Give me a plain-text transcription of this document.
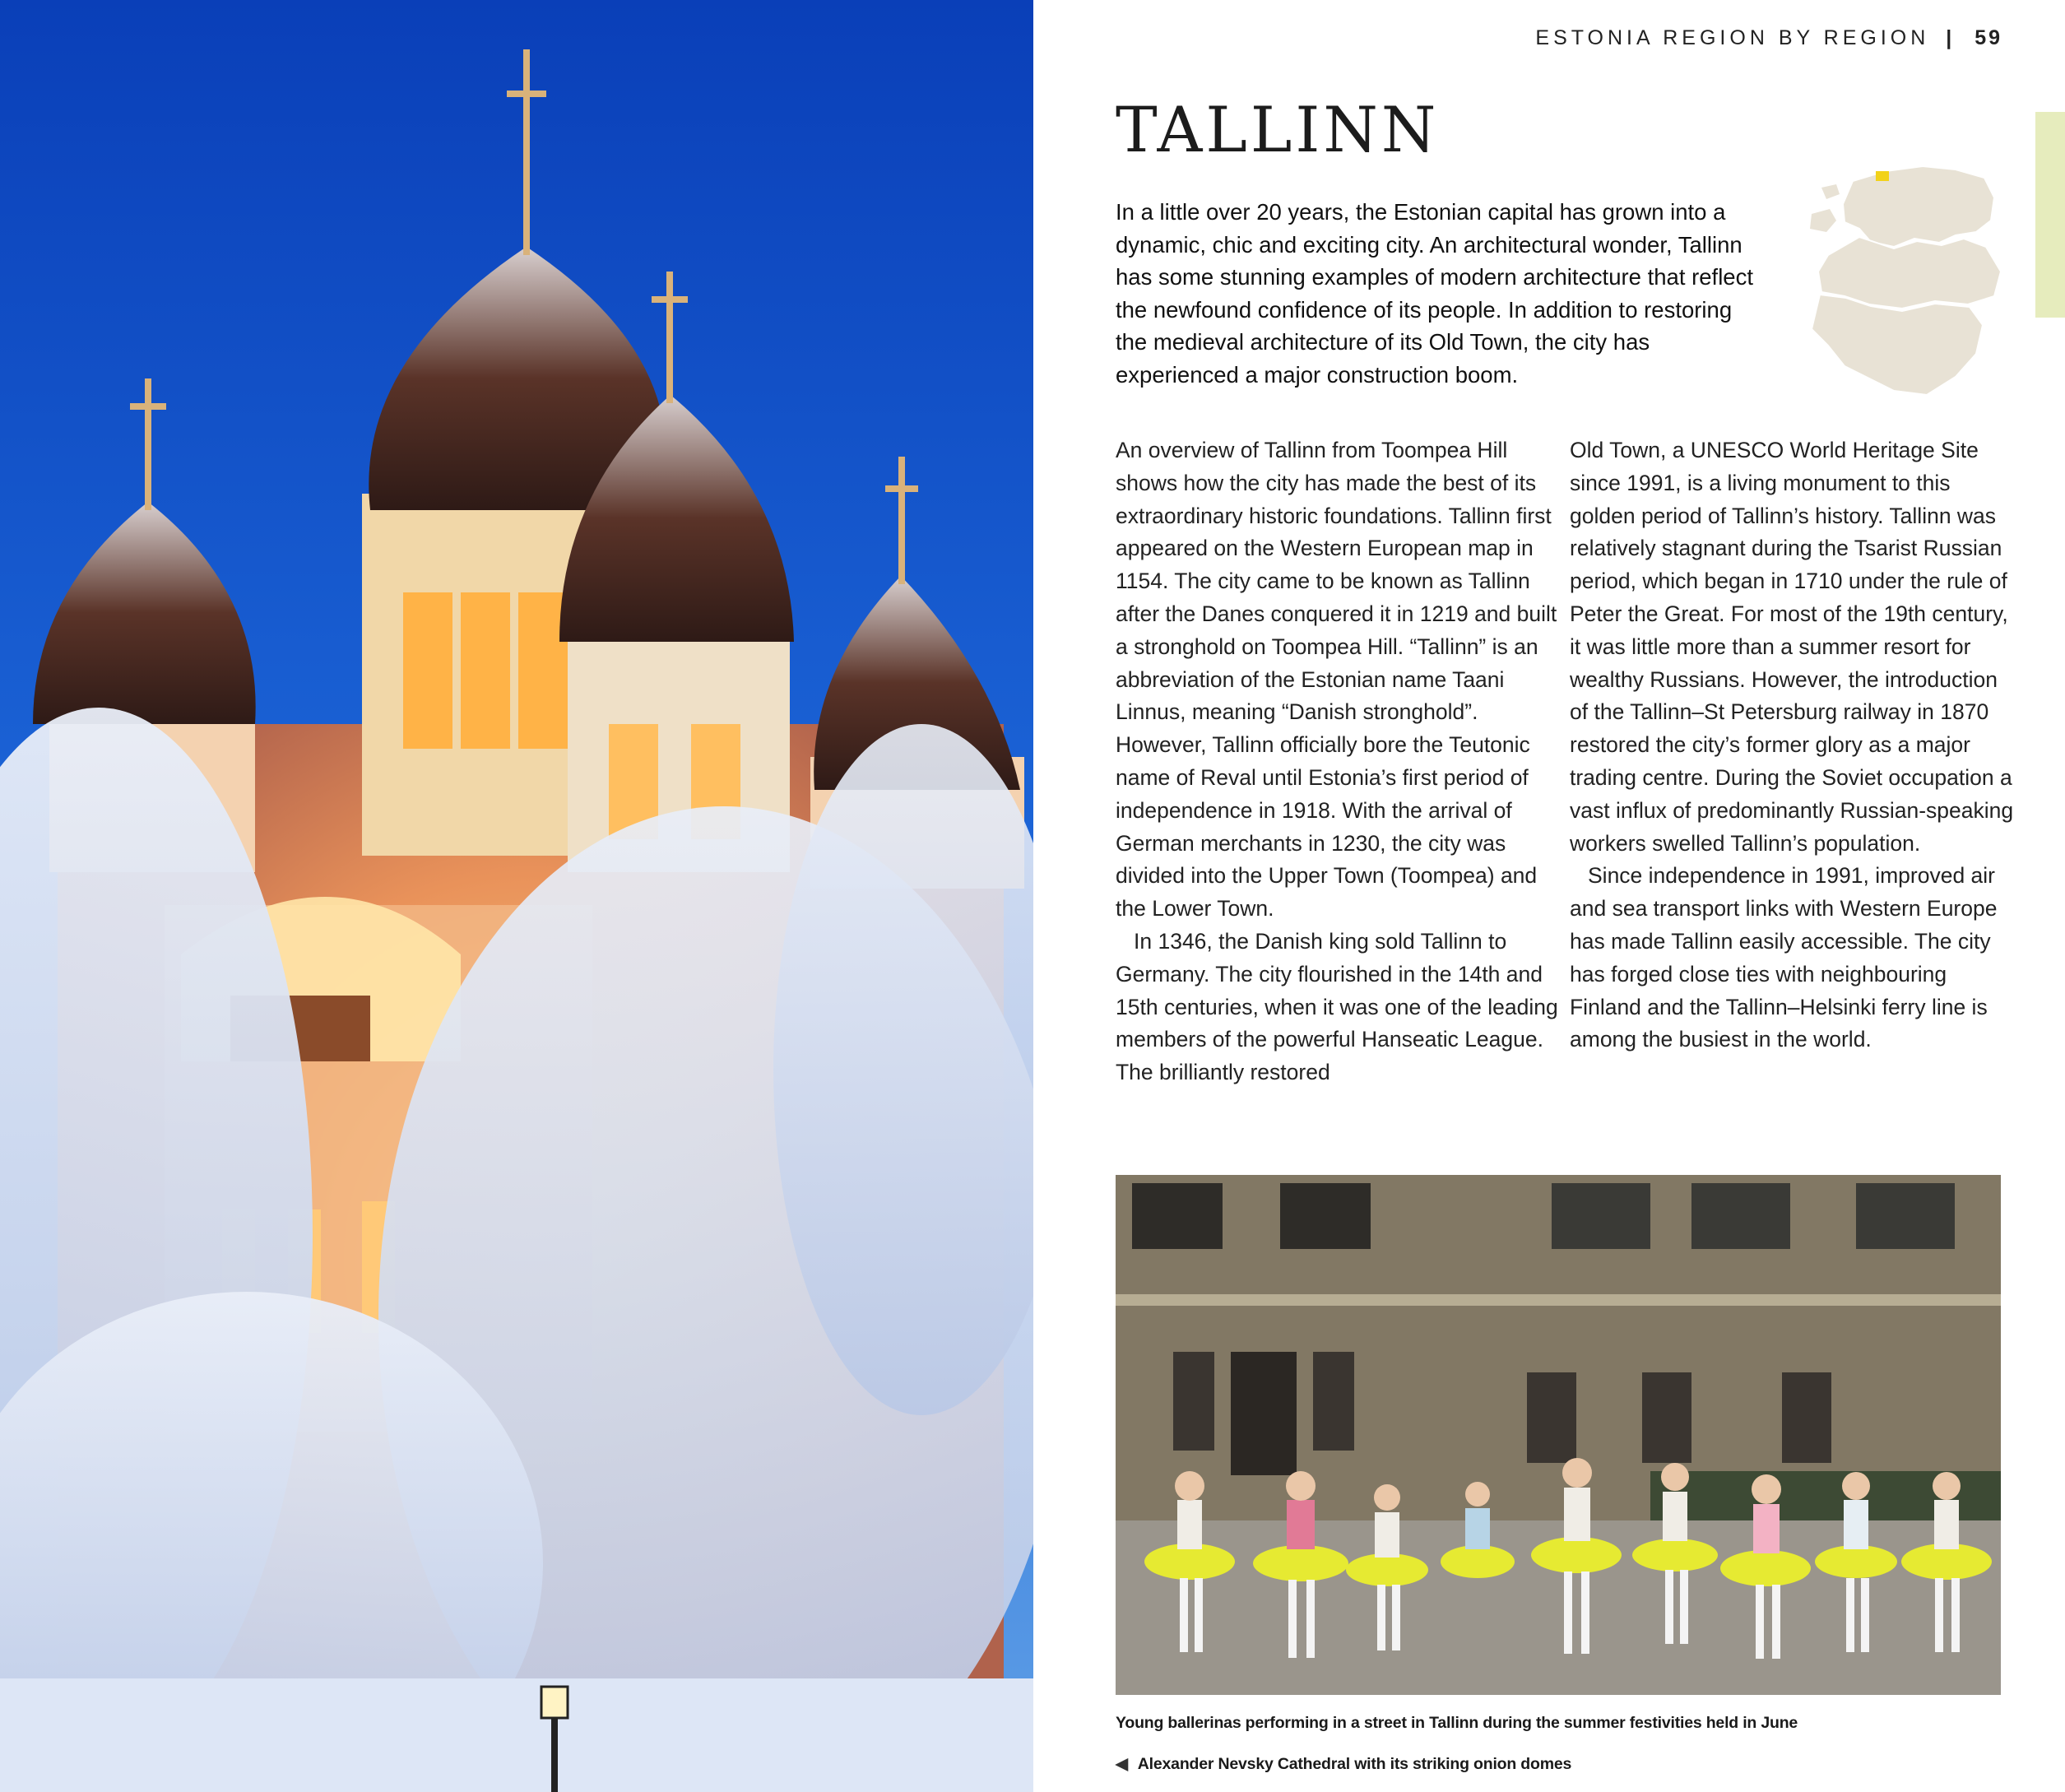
ESTONIA REGION BY REGION | 59
TALLINN

In a little over 20 years, the Estonian capital has grown into a dynamic, chic and exciting city. An architectural wonder, Tallinn has some stunning examples of modern architecture that reflect the newfound confidence of its people. In addition to restoring the medieval architecture of its Old Town, the city has experienced a major construction boom.

An overview of Tallinn from Toompea Hill shows how the city has made the best of its extraordinary historic foundations. Tallinn first appeared on the Western European map in 1154. The city came to be known as Tallinn after the Danes conquered it in 1219 and built a stronghold on Toompea Hill. “Tallinn” is an abbreviation of the Estonian name Taani Linnus, meaning “Danish stronghold”. However, Tallinn officially bore the Teutonic name of Reval until Estonia’s first period of independence in 1918. With the arrival of German merchants in 1230, the city was divided into the Upper Town (Toompea) and the Lower Town.

In 1346, the Danish king sold Tallinn to Germany. The city flourished in the 14th and 15th centuries, when it was one of the leading members of the powerful Hanseatic League. The brilliantly restored

Old Town, a UNESCO World Heritage Site since 1991, is a living monument to this golden period of Tallinn’s history. Tallinn was relatively stagnant during the Tsarist Russian period, which began in 1710 under the rule of Peter the Great. For most of the 19th century, it was little more than a summer resort for wealthy Russians. However, the introduction of the Tallinn–St Petersburg railway in 1870 restored the city’s former glory as a major trading centre. During the Soviet occupation a vast influx of predominantly Russian-speaking workers swelled Tallinn’s population.

Since independence in 1991, improved air and sea transport links with Western Europe has made Tallinn easily accessible. The city has forged close ties with neighbouring Finland and the Tallinn–Helsinki ferry line is among the busiest in the world.

Young ballerinas performing in a street in Tallinn during the summer festivities held in June

◀ Alexander Nevsky Cathedral with its striking onion domes
